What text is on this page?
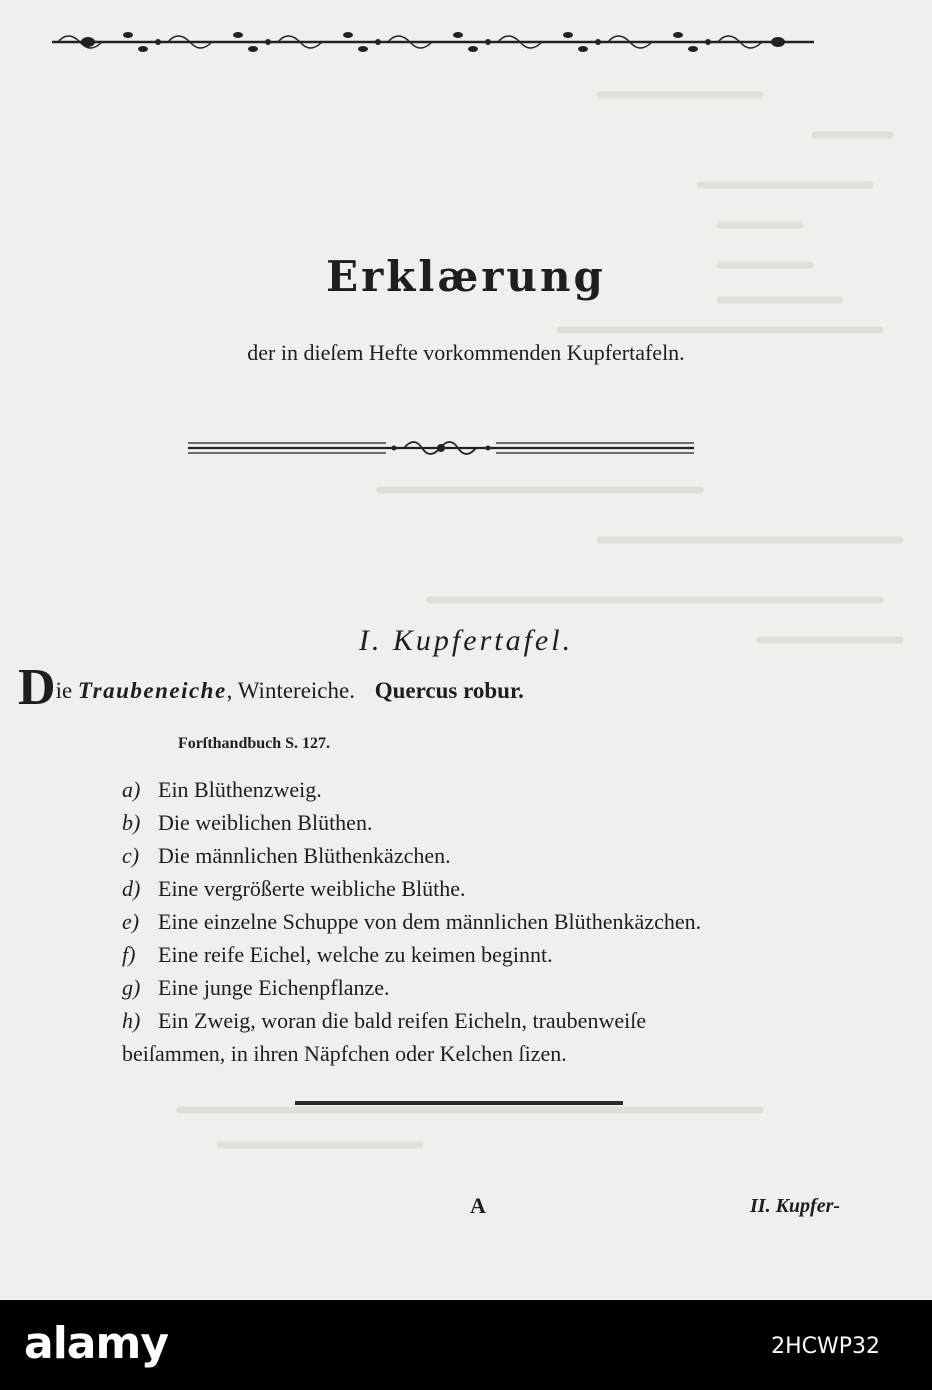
Erklærung
der in dieſem Hefte vorkommenden Kupfertafeln.
I. Kupfertafel.
Die Traubeneiche, Wintereiche. Quercus robur.
Forſthandbuch S. 127.
a) Ein Blüthenzweig.
b) Die weiblichen Blüthen.
c) Die männlichen Blüthenkäzchen.
d) Eine vergrößerte weibliche Blüthe.
e) Eine einzelne Schuppe von dem männlichen Blüthenkäzchen.
f) Eine reife Eichel, welche zu keimen beginnt.
g) Eine junge Eichenpflanze.
h) Ein Zweig, woran die bald reifen Eicheln, traubenweiſe
beiſammen, in ihren Näpfchen oder Kelchen ſizen.
A	II. Kupfer-
alamy	2HCWP32
